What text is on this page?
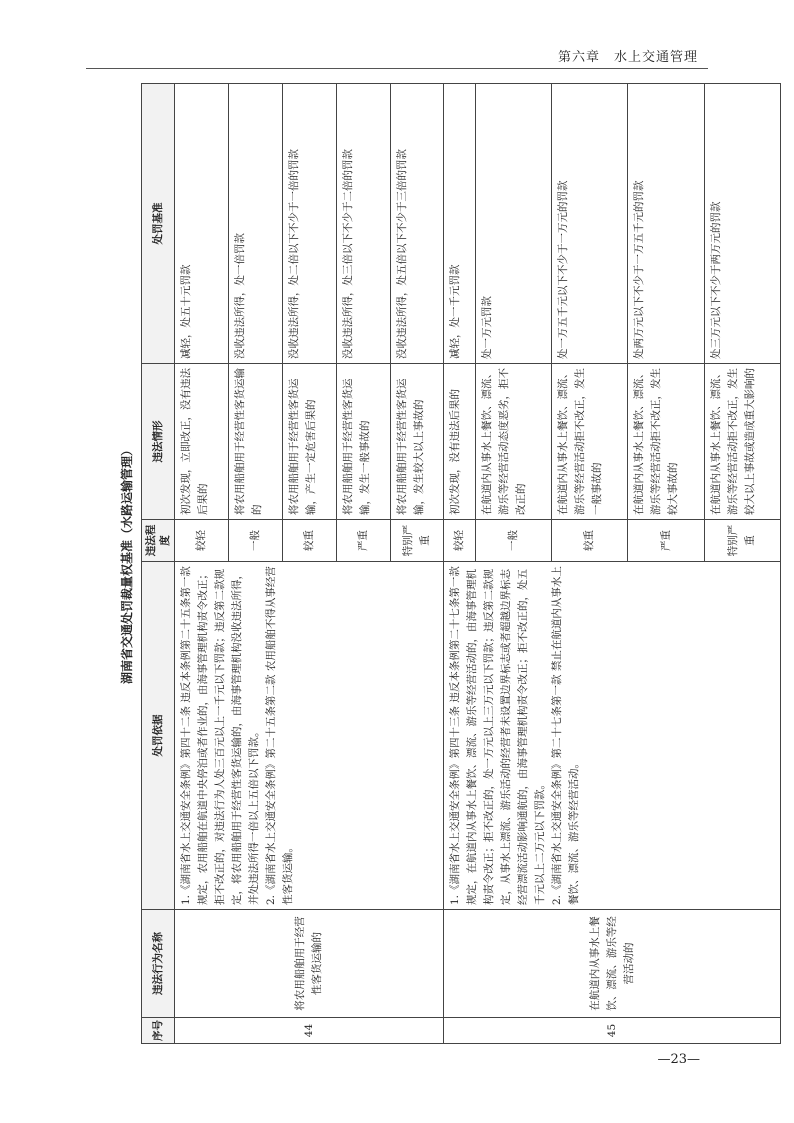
第六章　水上交通管理
湖南省交通处罚裁量权基准（水路运输管理）
序号	违法行为名称	处罚依据	违法程度	违法情形	处罚基准
44	将农用船舶用于经营性客货运输的	1.《湖南省水上交通安全条例》第四十二条 违反本条例第二十五条第一款规定，农用船舶在航道中央停泊或者作业的，由海事管理机构责令改正；拒不改正的，对违法行为人处三百元以上一千元以下罚款；违反第二款规定，将农用船舶用于经营性客货运输的，由海事管理机构没收违法所得，并处违法所得一倍以上五倍以下罚款。 2.《湖南省水上交通安全条例》第二十五条第二款 农用船舶不得从事经营性客货运输。	较轻	初次发现，立即改正，没有违法后果的	减轻，处五十元罚款
			一般	将农用船舶用于经营性客货运输的	没收违法所得，处一倍罚款
			较重	将农用船舶用于经营性客货运输，产生一定危害后果的	没收违法所得，处二倍以下不少于一倍的罚款
			严重	将农用船舶用于经营性客货运输，发生一般事故的	没收违法所得，处三倍以下不少于二倍的罚款
			特别严重	将农用船舶用于经营性客货运输，发生较大以上事故的	没收违法所得，处五倍以下不少于三倍的罚款
45	在航道内从事水上餐饮、漂流、游乐等经营活动的	1.《湖南省水上交通安全条例》第四十三条 违反本条例第二十七条第一款规定，在航道内从事水上餐饮、漂流、游乐等经营活动的，由海事管理机构责令改正；拒不改正的，处一万元以上三万元以下罚款；违反第二款规定，从事水上漂流、游乐活动的经营者未设置边界标志或者超越边界标志经营漂流活动影响通航的，由海事管理机构责令改正；拒不改正的，处五千元以上二万元以下罚款。 2.《湖南省水上交通安全条例》第二十七条第一款 禁止在航道内从事水上餐饮、漂流、游乐等经营活动。	较轻	初次发现，没有违法后果的	减轻，处一千元罚款
			一般	在航道内从事水上餐饮、漂流、游乐等经营活动态度恶劣，拒不改正的	处一万元罚款
			较重	在航道内从事水上餐饮、漂流、游乐等经营活动拒不改正，发生一般事故的	处一万五千元以下不少于一万元的罚款
			严重	在航道内从事水上餐饮、漂流、游乐等经营活动拒不改正，发生较大事故的	处两万元以下不少于一万五千元的罚款
			特别严重	在航道内从事水上餐饮、漂流、游乐等经营活动拒不改正，发生较大以上事故或造成重大影响的	处三万元以下不少于两万元的罚款
—23—
